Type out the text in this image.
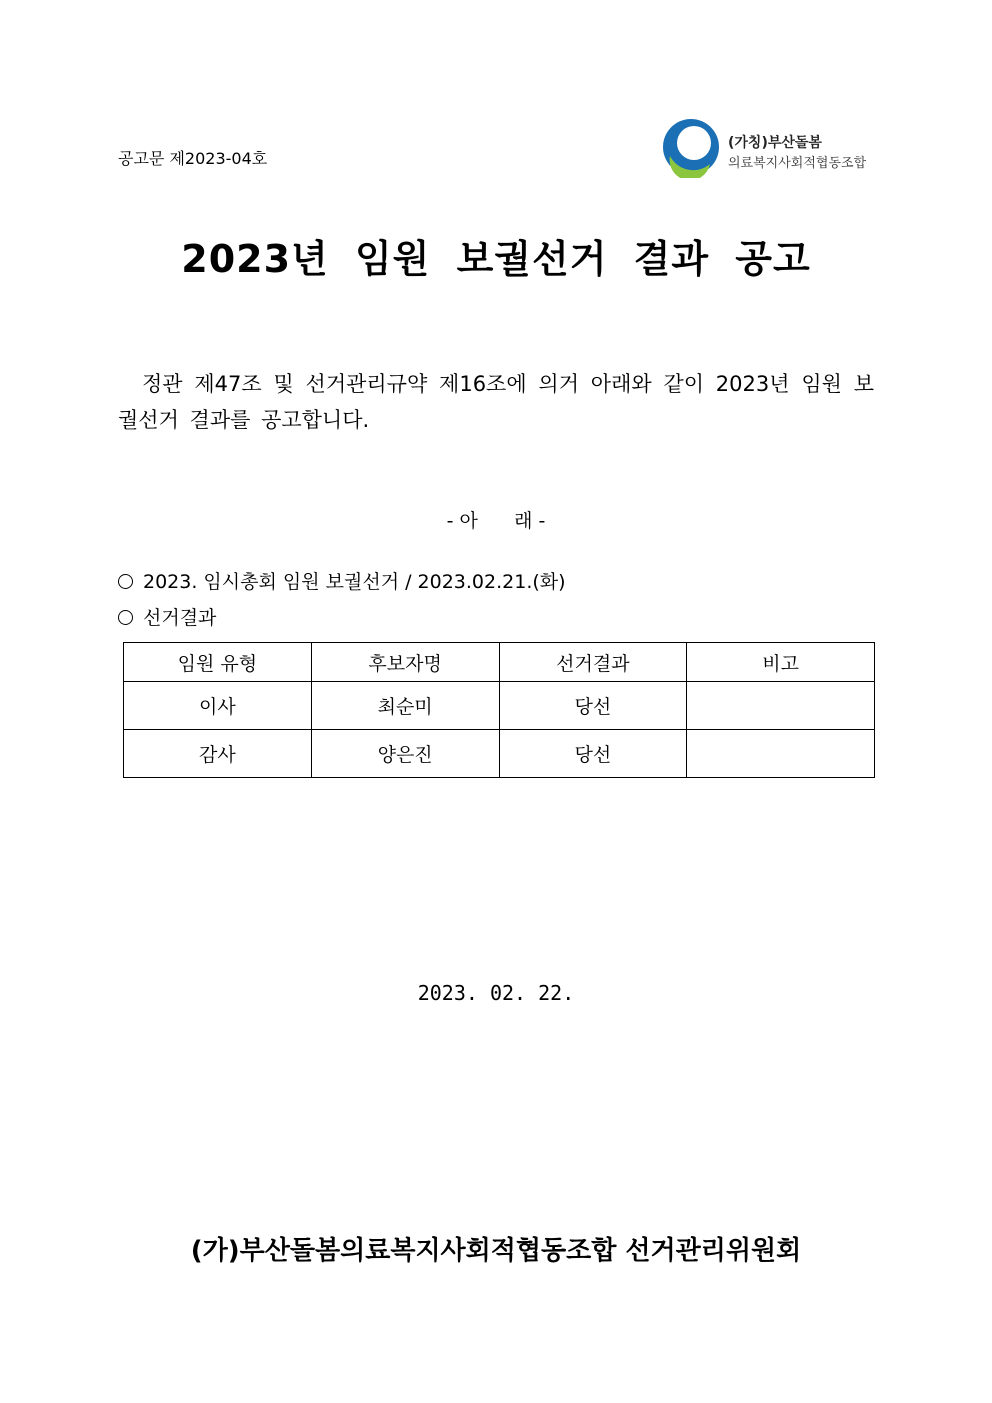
공고문 제2023-04호
(가칭)부산돌봄
의료복지사회적협동조합
2023년 임원 보궐선거 결과 공고
정관 제47조 및 선거관리규약 제16조에 의거 아래와 같이 2023년 임원 보궐선거 결과를 공고합니다.
- 아      래 -
2023. 임시총회 임원 보궐선거 / 2023.02.21.(화)
선거결과
임원 유형	후보자명	선거결과	비고
이사	최순미	당선	
감사	양은진	당선	
2023. 02. 22.
(가)부산돌봄의료복지사회적협동조합 선거관리위원회
